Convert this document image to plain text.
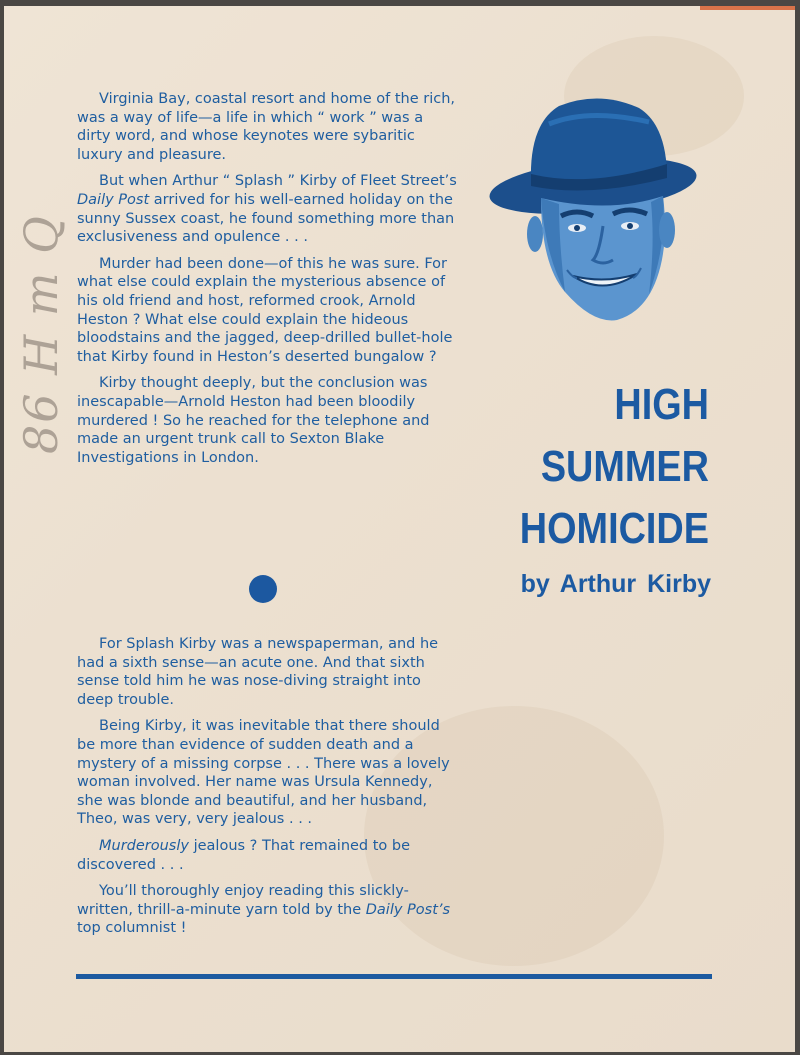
86 H m Q

Virginia Bay, coastal resort and home of the rich, was a way of life—a life in which “ work ” was a dirty word, and whose keynotes were sybaritic luxury and pleasure.

But when Arthur “ Splash ” Kirby of Fleet Street’s Daily Post arrived for his well-earned holiday on the sunny Sussex coast, he found something more than exclusiveness and opulence . . .

Murder had been done—of this he was sure. For what else could explain the mysterious absence of his old friend and host, reformed crook, Arnold Heston ? What else could explain the hideous bloodstains and the jagged, deep-drilled bullet-hole that Kirby found in Heston’s deserted bungalow ?

Kirby thought deeply, but the conclusion was inescapable—Arnold Heston had been bloodily murdered ! So he reached for the telephone and made an urgent trunk call to Sexton Blake Investigations in London.

For Splash Kirby was a newspaperman, and he had a sixth sense—an acute one. And that sixth sense told him he was nose-diving straight into deep trouble.

Being Kirby, it was inevitable that there should be more than evidence of sudden death and a mystery of a missing corpse . . . There was a lovely woman involved. Her name was Ursula Kennedy, she was blonde and beautiful, and her husband, Theo, was very, very jealous . . .

Murderously jealous ? That remained to be discovered . . .

You’ll thoroughly enjoy reading this slickly-written, thrill-a-minute yarn told by the Daily Post’s top columnist !

HIGH
SUMMER
HOMICIDE
by Arthur Kirby
